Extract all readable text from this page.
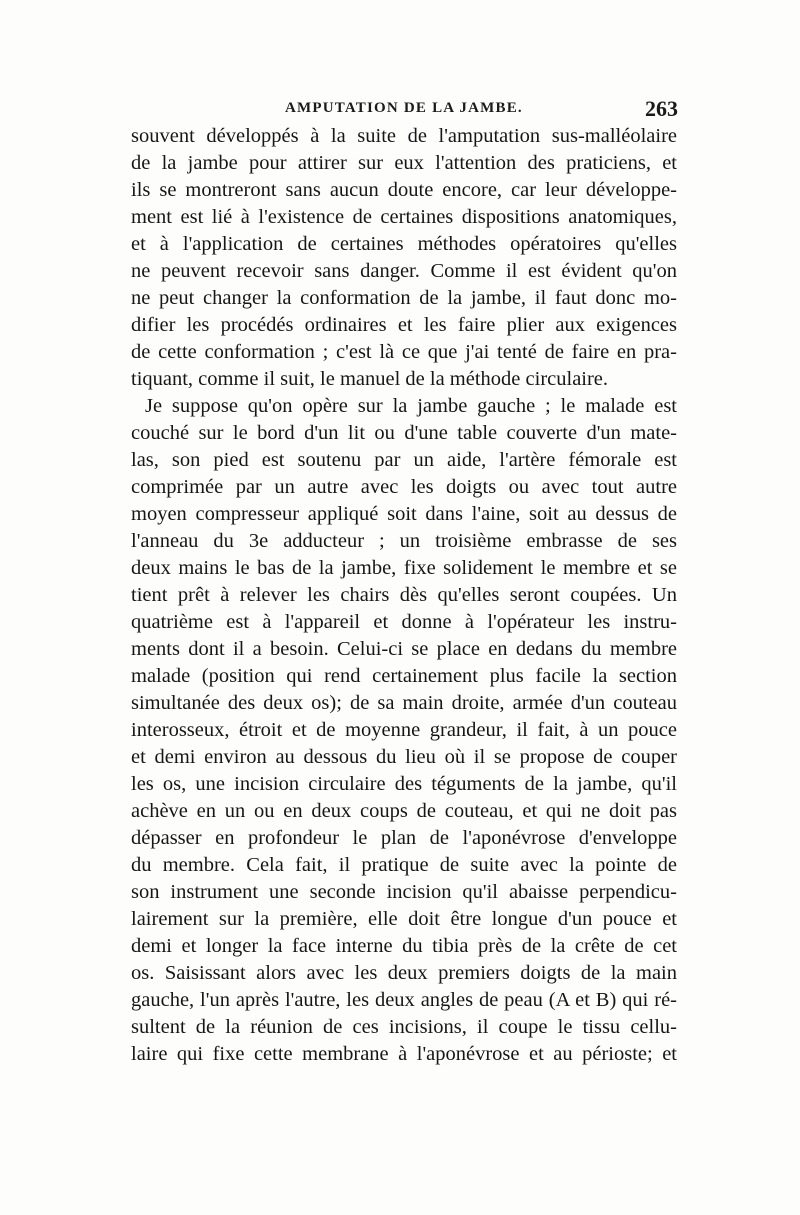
AMPUTATION DE LA JAMBE.	263
souvent développés à la suite de l'amputation sus-malléolaire
de la jambe pour attirer sur eux l'attention des praticiens, et
ils se montreront sans aucun doute encore, car leur développe-
ment est lié à l'existence de certaines dispositions anatomiques,
et à l'application de certaines méthodes opératoires qu'elles
ne peuvent recevoir sans danger. Comme il est évident qu'on
ne peut changer la conformation de la jambe, il faut donc mo-
difier les procédés ordinaires et les faire plier aux exigences
de cette conformation ; c'est là ce que j'ai tenté de faire en pra-
tiquant, comme il suit, le manuel de la méthode circulaire.
Je suppose qu'on opère sur la jambe gauche ; le malade est
couché sur le bord d'un lit ou d'une table couverte d'un mate-
las, son pied est soutenu par un aide, l'artère fémorale est
comprimée par un autre avec les doigts ou avec tout autre
moyen compresseur appliqué soit dans l'aine, soit au dessus de
l'anneau du 3e adducteur ; un troisième embrasse de ses
deux mains le bas de la jambe, fixe solidement le membre et se
tient prêt à relever les chairs dès qu'elles seront coupées. Un
quatrième est à l'appareil et donne à l'opérateur les instru-
ments dont il a besoin. Celui-ci se place en dedans du membre
malade (position qui rend certainement plus facile la section
simultanée des deux os); de sa main droite, armée d'un couteau
interosseux, étroit et de moyenne grandeur, il fait, à un pouce
et demi environ au dessous du lieu où il se propose de couper
les os, une incision circulaire des téguments de la jambe, qu'il
achève en un ou en deux coups de couteau, et qui ne doit pas
dépasser en profondeur le plan de l'aponévrose d'enveloppe
du membre. Cela fait, il pratique de suite avec la pointe de
son instrument une seconde incision qu'il abaisse perpendicu-
lairement sur la première, elle doit être longue d'un pouce et
demi et longer la face interne du tibia près de la crête de cet
os. Saisissant alors avec les deux premiers doigts de la main
gauche, l'un après l'autre, les deux angles de peau (A et B) qui ré-
sultent de la réunion de ces incisions, il coupe le tissu cellu-
laire qui fixe cette membrane à l'aponévrose et au périoste; et
